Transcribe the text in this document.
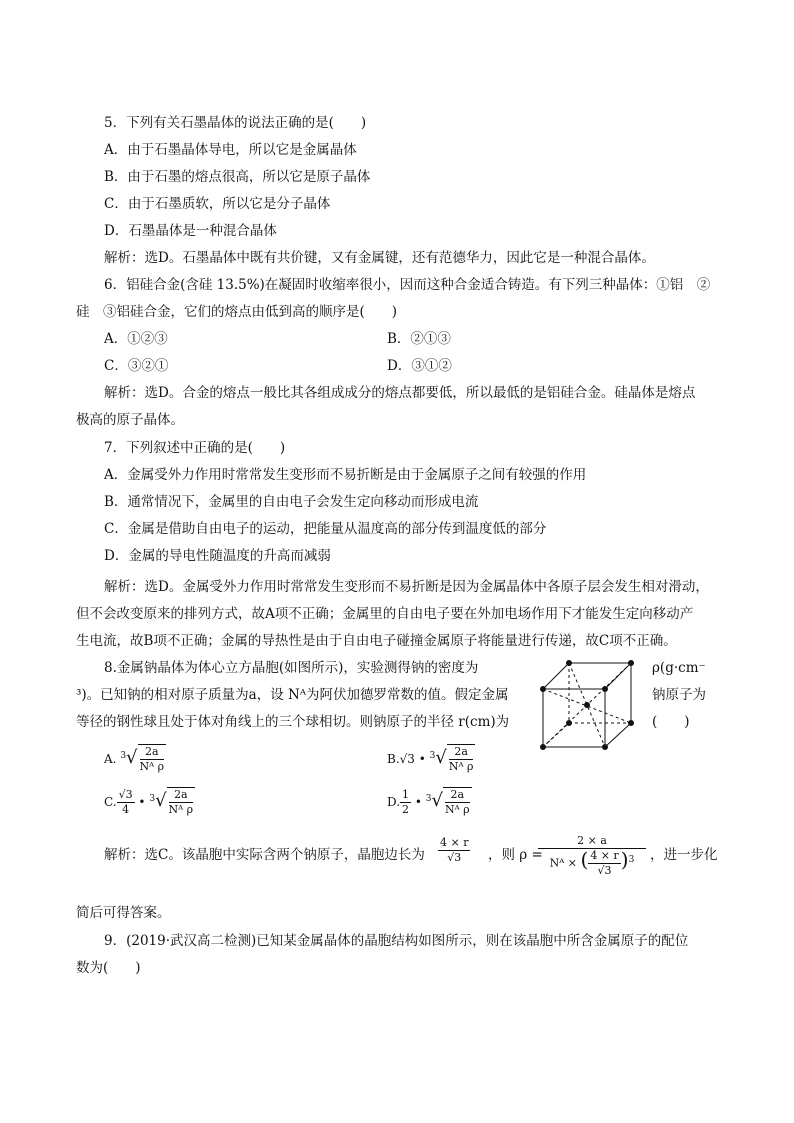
5．下列有关石墨晶体的说法正确的是(　　)
A．由于石墨晶体导电，所以它是金属晶体
B．由于石墨的熔点很高，所以它是原子晶体
C．由于石墨质软，所以它是分子晶体
D．石墨晶体是一种混合晶体
解析：选D。石墨晶体中既有共价键，又有金属键，还有范德华力，因此它是一种混合晶体。
6．铝硅合金(含硅 13.5%)在凝固时收缩率很小，因而这种合金适合铸造。有下列三种晶体：①铝　②
硅　③铝硅合金，它们的熔点由低到高的顺序是(　　)
A．①②③	B．②①③
C．③②①	D．③①②
解析：选D。合金的熔点一般比其各组成成分的熔点都要低，所以最低的是铝硅合金。硅晶体是熔点
极高的原子晶体。
7．下列叙述中正确的是(　　)
A．金属受外力作用时常常发生变形而不易折断是由于金属原子之间有较强的作用
B．通常情况下，金属里的自由电子会发生定向移动而形成电流
C．金属是借助自由电子的运动，把能量从温度高的部分传到温度低的部分
D．金属的导电性随温度的升高而减弱
解析：选D。金属受外力作用时常常发生变形而不易折断是因为金属晶体中各原子层会发生相对滑动，
但不会改变原来的排列方式，故A项不正确；金属里的自由电子要在外加电场作用下才能发生定向移动产
生电流，故B项不正确；金属的导热性是由于自由电子碰撞金属原子将能量进行传递，故C项不正确。
8.金属钠晶体为体心立方晶胞(如图所示)，实验测得钠的密度为	ρ(g·cm⁻
³)。已知钠的相对原子质量为a，设 Nᴬ为阿伏加德罗常数的值。假定金属	钠原子为
等径的钢性球且处于体对角线上的三个球相切。则钠原子的半径 r(cm)为	(　　)
A. $^3√ \frac{2a}{\text{Nᴬ ρ}}$	B.√3 • $^3√ \frac{2a}{\text{Nᴬ ρ}}$
C. $\frac{√3}{4}$ • $^3√ \frac{2a}{\text{Nᴬ ρ}}$	D. $\frac{1}{2}$ • $^3√ \frac{2a}{\text{Nᴬ ρ}}$
解析：选C。该晶胞中实际含两个钠原子，晶胞边长为 $\frac{4 \times r}{√3}$ ，则 ρ =
$\frac{2 \times a}{Nᴬ \times ( \frac{4 \times r}{√3} )^3}$ ，进一步化
简后可得答案。
9．(2019·武汉高二检测)已知某金属晶体的晶胞结构如图所示，则在该晶胞中所含金属原子的配位
数为(　　)
